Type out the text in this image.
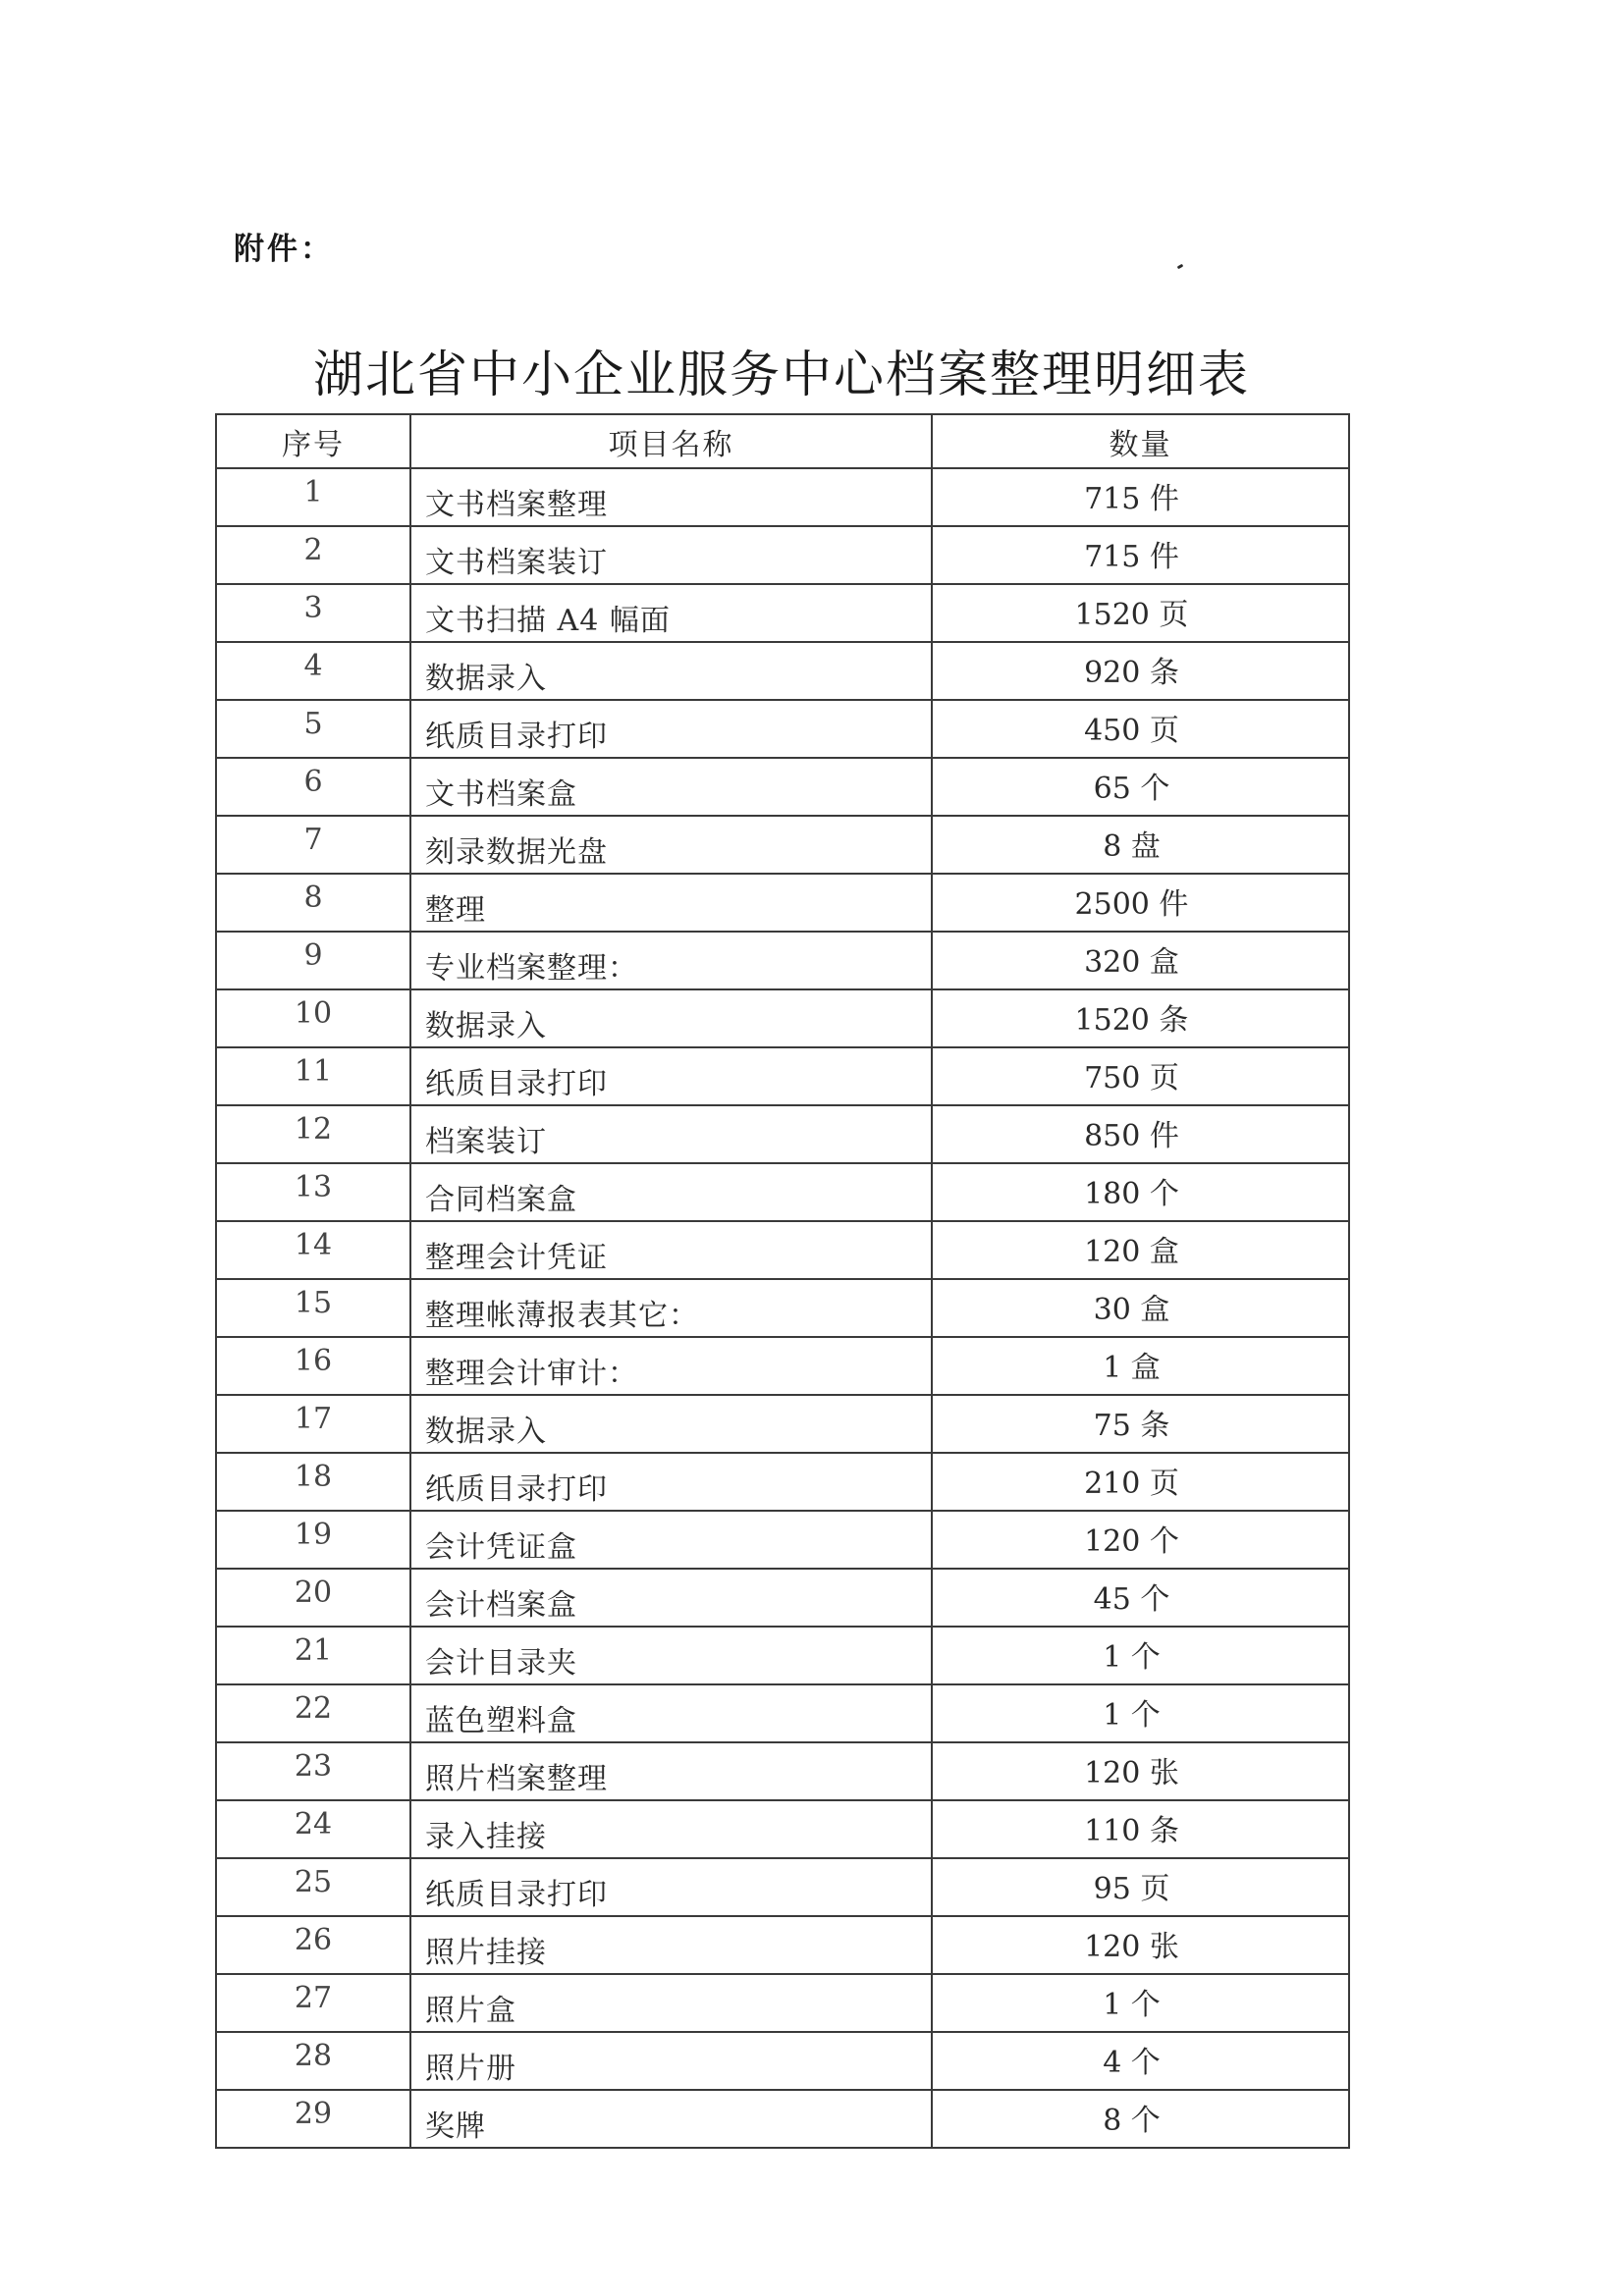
附件：
湖北省中小企业服务中心档案整理明细表
序号	项目名称	数量
1	文书档案整理	715 件
2	文书档案装订	715 件
3	文书扫描 A4 幅面	1520 页
4	数据录入	920 条
5	纸质目录打印	450 页
6	文书档案盒	65 个
7	刻录数据光盘	8 盘
8	整理	2500 件
9	专业档案整理：	320 盒
10	数据录入	1520 条
11	纸质目录打印	750 页
12	档案装订	850 件
13	合同档案盒	180 个
14	整理会计凭证	120 盒
15	整理帐薄报表其它：	30 盒
16	整理会计审计：	1 盒
17	数据录入	75 条
18	纸质目录打印	210 页
19	会计凭证盒	120 个
20	会计档案盒	45 个
21	会计目录夹	1 个
22	蓝色塑料盒	1 个
23	照片档案整理	120 张
24	录入挂接	110 条
25	纸质目录打印	95 页
26	照片挂接	120 张
27	照片盒	1 个
28	照片册	4 个
29	奖牌	8 个
